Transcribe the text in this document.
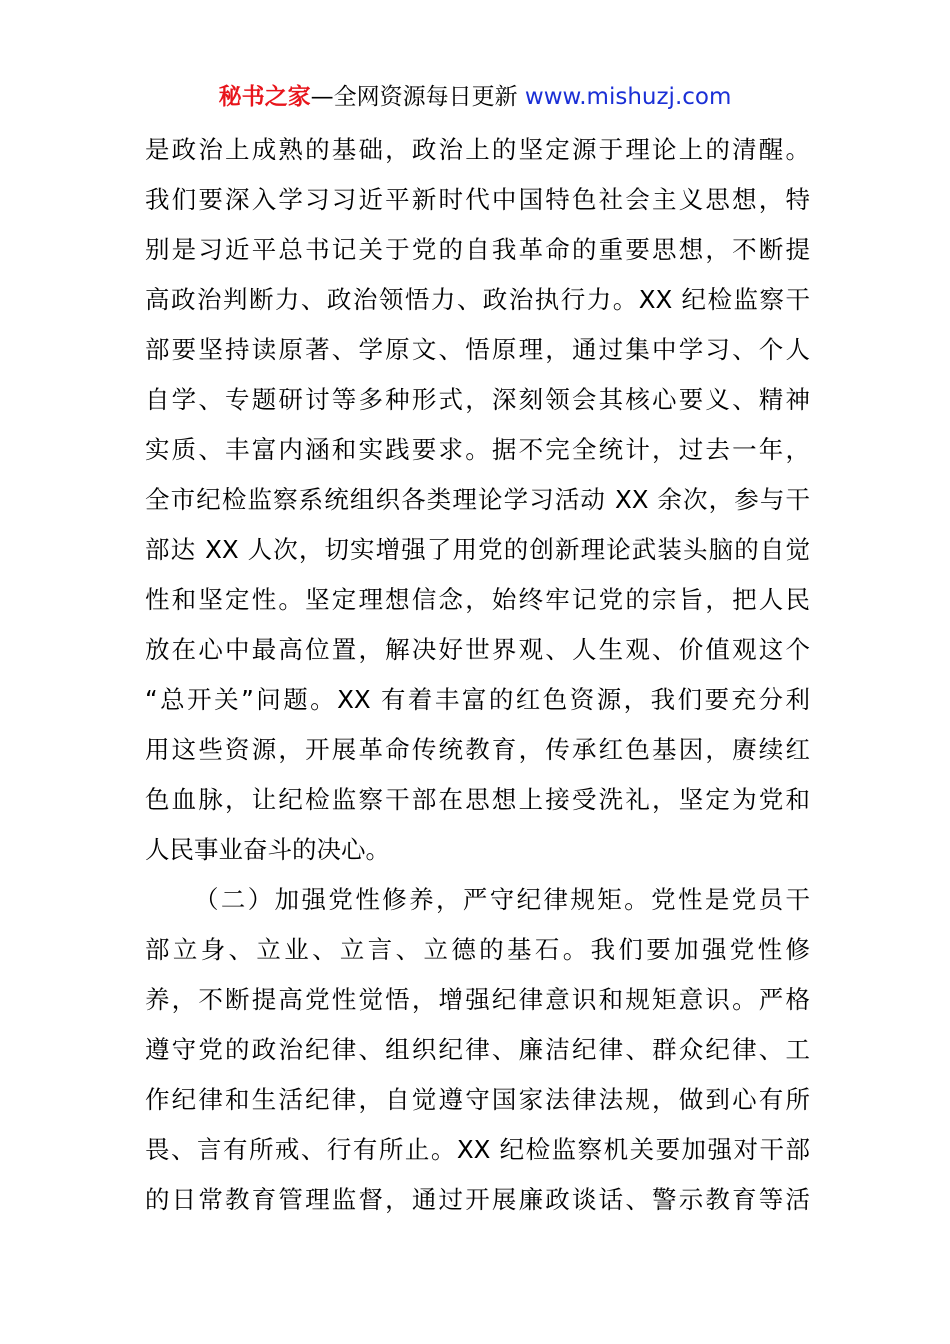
秘书之家—全网资源每日更新 www.mishuzj.com
是政治上成熟的基础，政治上的坚定源于理论上的清醒。
我们要深入学习习近平新时代中国特色社会主义思想，特
别是习近平总书记关于党的自我革命的重要思想，不断提
高政治判断力、政治领悟力、政治执行力。XX 纪检监察干
部要坚持读原著、学原文、悟原理，通过集中学习、个人
自学、专题研讨等多种形式，深刻领会其核心要义、精神
实质、丰富内涵和实践要求。据不完全统计，过去一年，
全市纪检监察系统组织各类理论学习活动 XX 余次，参与干
部达 XX 人次，切实增强了用党的创新理论武装头脑的自觉
性和坚定性。坚定理想信念，始终牢记党的宗旨，把人民
放在心中最高位置，解决好世界观、人生观、价值观这个
“总开关”问题。XX 有着丰富的红色资源，我们要充分利
用这些资源，开展革命传统教育，传承红色基因，赓续红
色血脉，让纪检监察干部在思想上接受洗礼，坚定为党和
人民事业奋斗的决心。
（二）加强党性修养，严守纪律规矩。党性是党员干
部立身、立业、立言、立德的基石。我们要加强党性修
养，不断提高党性觉悟，增强纪律意识和规矩意识。严格
遵守党的政治纪律、组织纪律、廉洁纪律、群众纪律、工
作纪律和生活纪律，自觉遵守国家法律法规，做到心有所
畏、言有所戒、行有所止。XX 纪检监察机关要加强对干部
的日常教育管理监督，通过开展廉政谈话、警示教育等活
